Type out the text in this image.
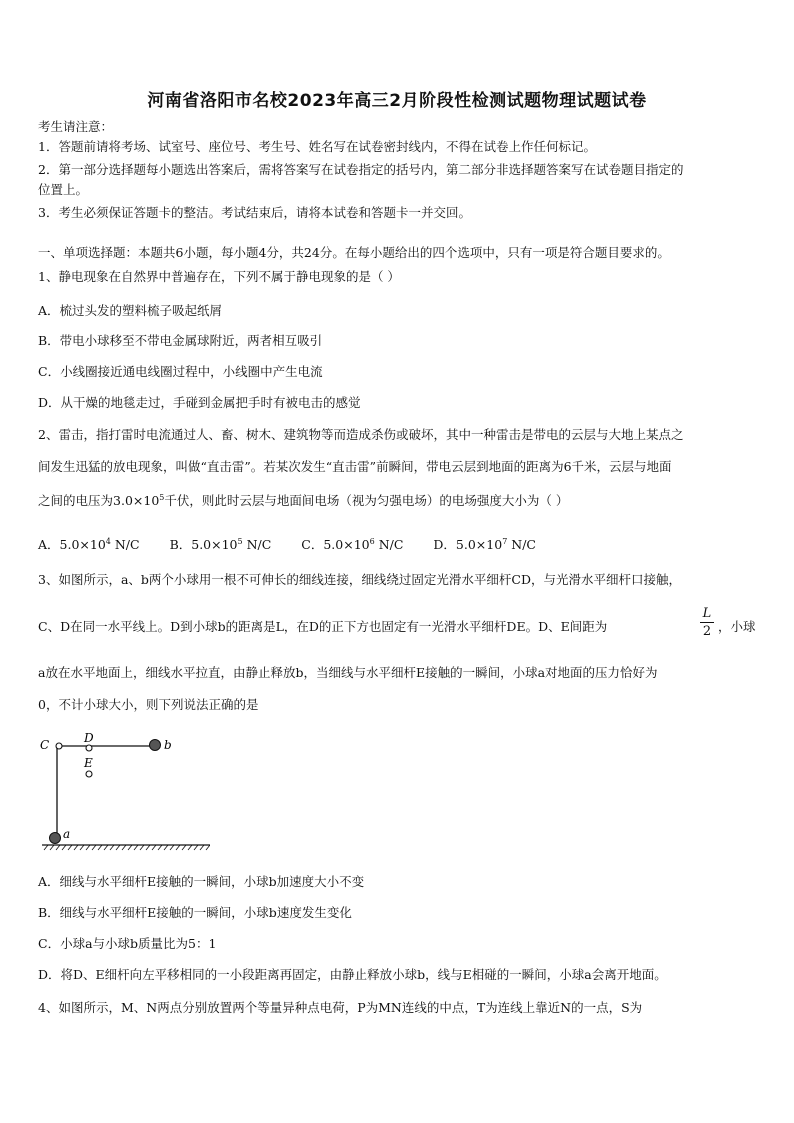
河南省洛阳市名校2023年高三2月阶段性检测试题物理试题试卷
考生请注意：
1．答题前请将考场、试室号、座位号、考生号、姓名写在试卷密封线内，不得在试卷上作任何标记。
2．第一部分选择题每小题选出答案后，需将答案写在试卷指定的括号内，第二部分非选择题答案写在试卷题目指定的
位置上。
3．考生必须保证答题卡的整洁。考试结束后，请将本试卷和答题卡一并交回。
一、单项选择题：本题共6小题，每小题4分，共24分。在每小题给出的四个选项中，只有一项是符合题目要求的。
1、静电现象在自然界中普遍存在，下列不属于静电现象的是（ ）
A．梳过头发的塑料梳子吸起纸屑
B．带电小球移至不带电金属球附近，两者相互吸引
C．小线圈接近通电线圈过程中，小线圈中产生电流
D．从干燥的地毯走过，手碰到金属把手时有被电击的感觉
2、雷击，指打雷时电流通过人、畜、树木、建筑物等而造成杀伤或破坏，其中一种雷击是带电的云层与大地上某点之
间发生迅猛的放电现象，叫做“直击雷”。若某次发生“直击雷”前瞬间，带电云层到地面的距离为6千米，云层与地面
之间的电压为$3.0\times 10^5$千伏，则此时云层与地面间电场（视为匀强电场）的电场强度大小为（ ）
A．$5.0\times 10^4$ N/C B．$5.0\times 10^5$ N/C C．$5.0\times 10^6$ N/C D．$5.0\times 10^7$ N/C
3、如图所示，a、b两个小球用一根不可伸长的细线连接，细线绕过固定光滑水平细杆CD，与光滑水平细杆口接触，
C、D在同一水平线上。D到小球b的距离是L，在D的正下方也固定有一光滑水平细杆DE。D、E间距为
L
2 ，小球
a放在水平地面上，细线水平拉直，由静止释放b，当细线与水平细杆E接触的一瞬间，小球a对地面的压力恰好为
0，不计小球大小，则下列说法正确的是
C	D
E
b
a
A．细线与水平细杆E接触的一瞬间，小球b加速度大小不变
B．细线与水平细杆E接触的一瞬间，小球b速度发生变化
C．小球a与小球b质量比为5：1
D．将D、E细杆向左平移相同的一小段距离再固定，由静止释放小球b，线与E相碰的一瞬间，小球a会离开地面。
4、如图所示，M、N两点分别放置两个等量异种点电荷，P为MN连线的中点，T为连线上靠近N的一点，S为
